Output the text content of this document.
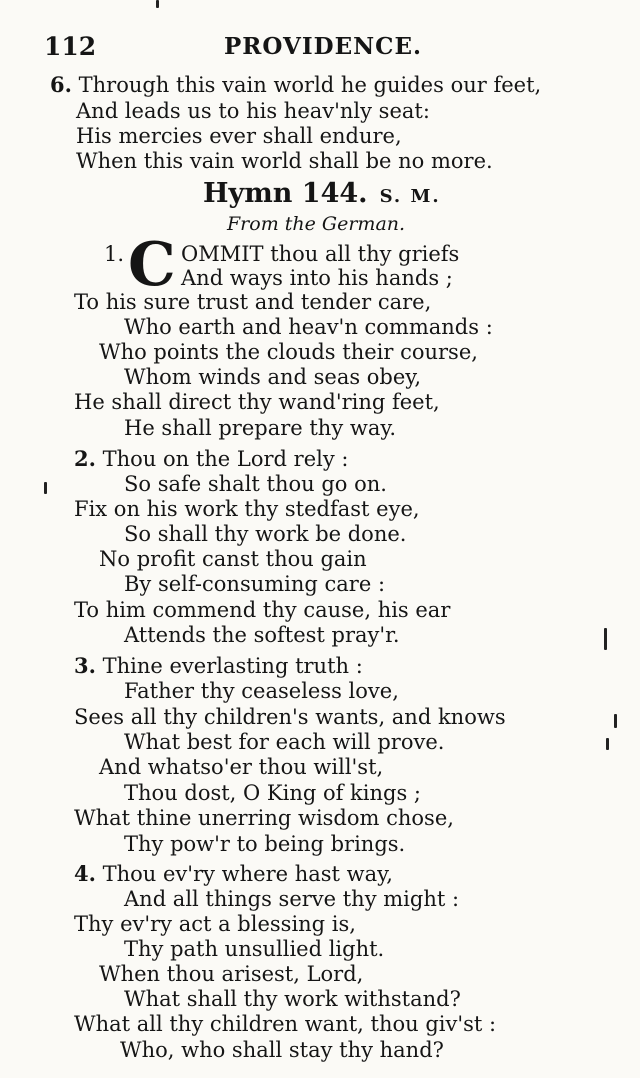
112	PROVIDENCE.
6. Through this vain world he guides our feet,
And leads us to his heav'nly seat:
His mercies ever shall endure,
When this vain world shall be no more.
Hymn 144. S. M.
From the German.
1. C OMMIT thou all thy griefs
And ways into his hands ;
To his sure trust and tender care,
Who earth and heav'n commands :
Who points the clouds their course,
Whom winds and seas obey,
He shall direct thy wand'ring feet,
He shall prepare thy way.
2. Thou on the Lord rely :
So safe shalt thou go on.
Fix on his work thy stedfast eye,
So shall thy work be done.
No profit canst thou gain
By self-consuming care :
To him commend thy cause, his ear
Attends the softest pray'r.
3. Thine everlasting truth :
Father thy ceaseless love,
Sees all thy children's wants, and knows
What best for each will prove.
And whatso'er thou will'st,
Thou dost, O King of kings ;
What thine unerring wisdom chose,
Thy pow'r to being brings.
4. Thou ev'ry where hast way,
And all things serve thy might :
Thy ev'ry act a blessing is,
Thy path unsullied light.
When thou arisest, Lord,
What shall thy work withstand?
What all thy children want, thou giv'st :
Who, who shall stay thy hand?
